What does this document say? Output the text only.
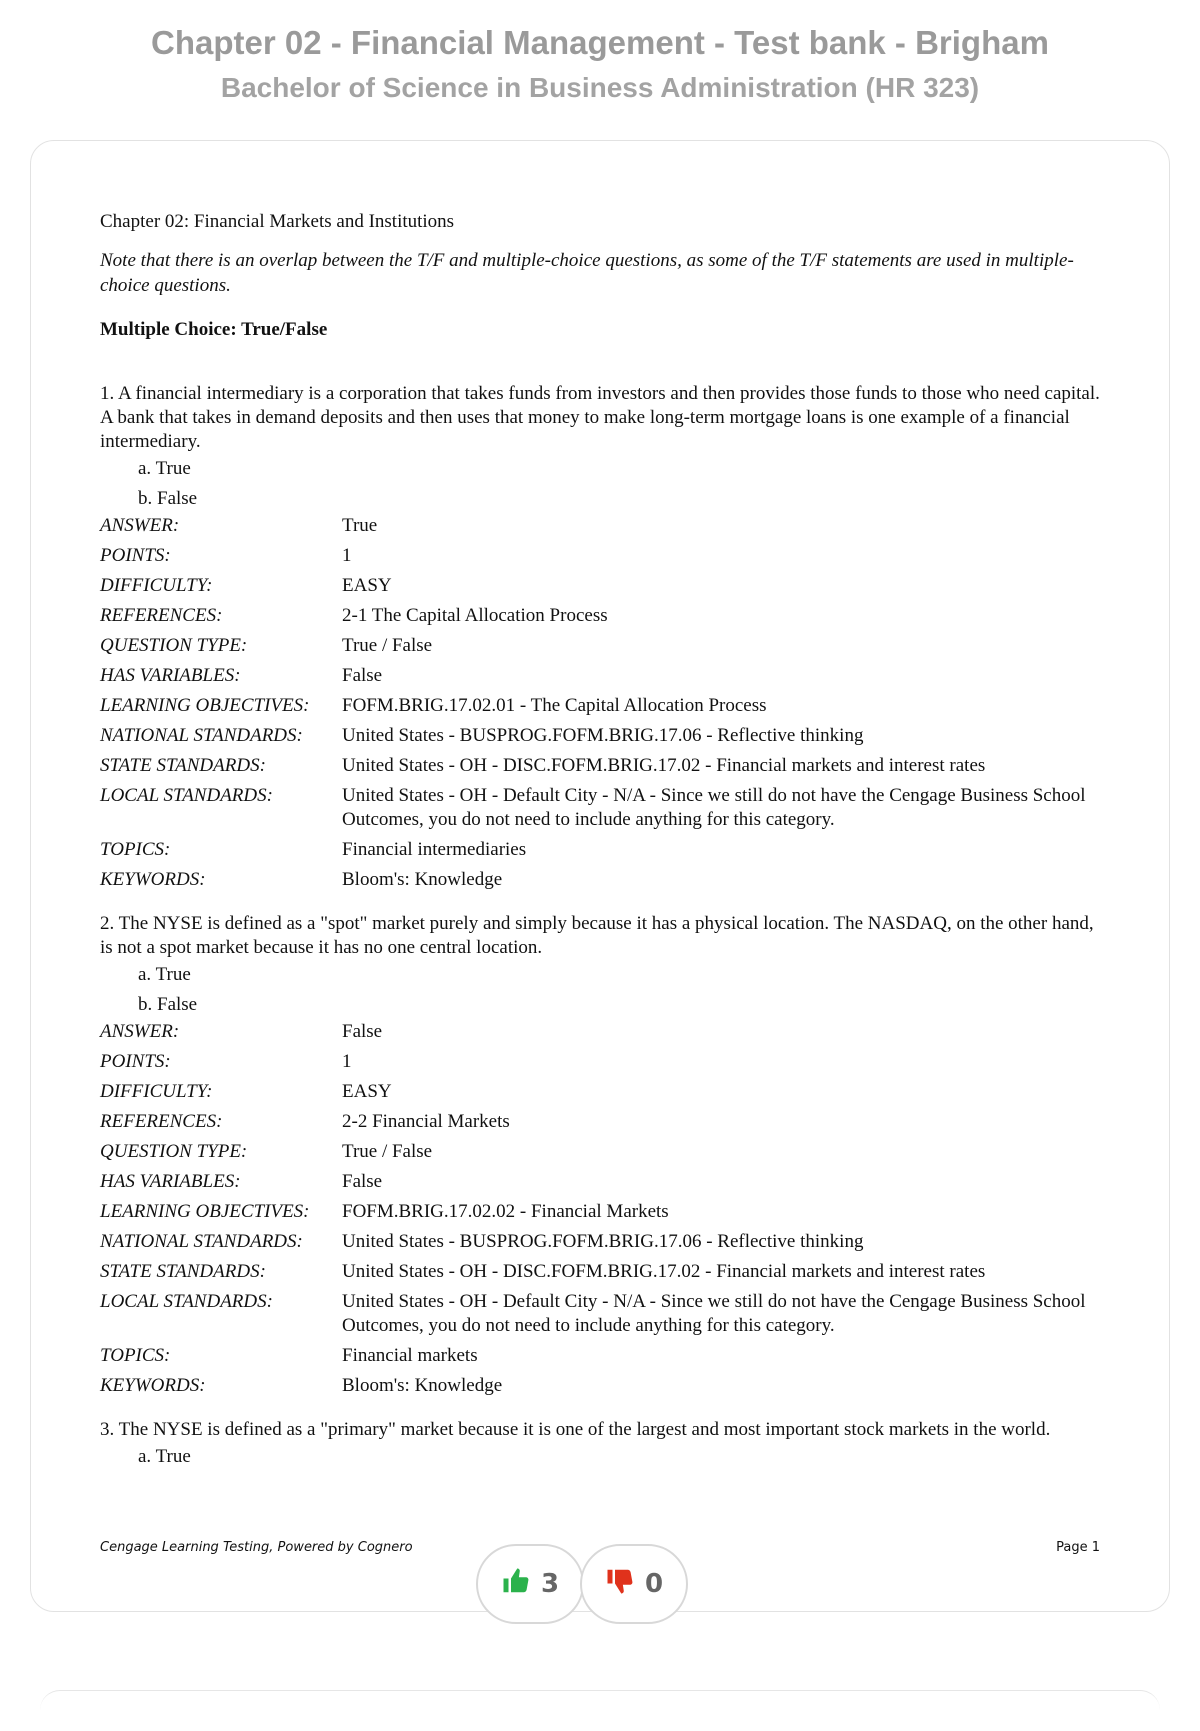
Chapter 02 - Financial Management - Test bank - Brigham
Bachelor of Science in Business Administration (HR 323)

Chapter 02: Financial Markets and Institutions

Note that there is an overlap between the T/F and multiple-choice questions, as some of the T/F statements are used in multiple-choice questions.

Multiple Choice: True/False

1. A financial intermediary is a corporation that takes funds from investors and then provides those funds to those who need capital. A bank that takes in demand deposits and then uses that money to make long-term mortgage loans is one example of a financial intermediary.

a. True

b. False

ANSWER:	True
POINTS:	1
DIFFICULTY:	EASY
REFERENCES:	2-1 The Capital Allocation Process
QUESTION TYPE:	True / False
HAS VARIABLES:	False
LEARNING OBJECTIVES:	FOFM.BRIG.17.02.01 - The Capital Allocation Process
NATIONAL STANDARDS:	United States - BUSPROG.FOFM.BRIG.17.06 - Reflective thinking
STATE STANDARDS:	United States - OH - DISC.FOFM.BRIG.17.02 - Financial markets and interest rates
LOCAL STANDARDS:	United States - OH - Default City - N/A - Since we still do not have the Cengage Business School Outcomes, you do not need to include anything for this category.
TOPICS:	Financial intermediaries
KEYWORDS:	Bloom's: Knowledge

2. The NYSE is defined as a "spot" market purely and simply because it has a physical location. The NASDAQ, on the other hand, is not a spot market because it has no one central location.

a. True

b. False

ANSWER:	False
POINTS:	1
DIFFICULTY:	EASY
REFERENCES:	2-2 Financial Markets
QUESTION TYPE:	True / False
HAS VARIABLES:	False
LEARNING OBJECTIVES:	FOFM.BRIG.17.02.02 - Financial Markets
NATIONAL STANDARDS:	United States - BUSPROG.FOFM.BRIG.17.06 - Reflective thinking
STATE STANDARDS:	United States - OH - DISC.FOFM.BRIG.17.02 - Financial markets and interest rates
LOCAL STANDARDS:	United States - OH - Default City - N/A - Since we still do not have the Cengage Business School Outcomes, you do not need to include anything for this category.
TOPICS:	Financial markets
KEYWORDS:	Bloom's: Knowledge

3. The NYSE is defined as a "primary" market because it is one of the largest and most important stock markets in the world.

a. True

Cengage Learning Testing, Powered by Cognero	Page 1
3	0
